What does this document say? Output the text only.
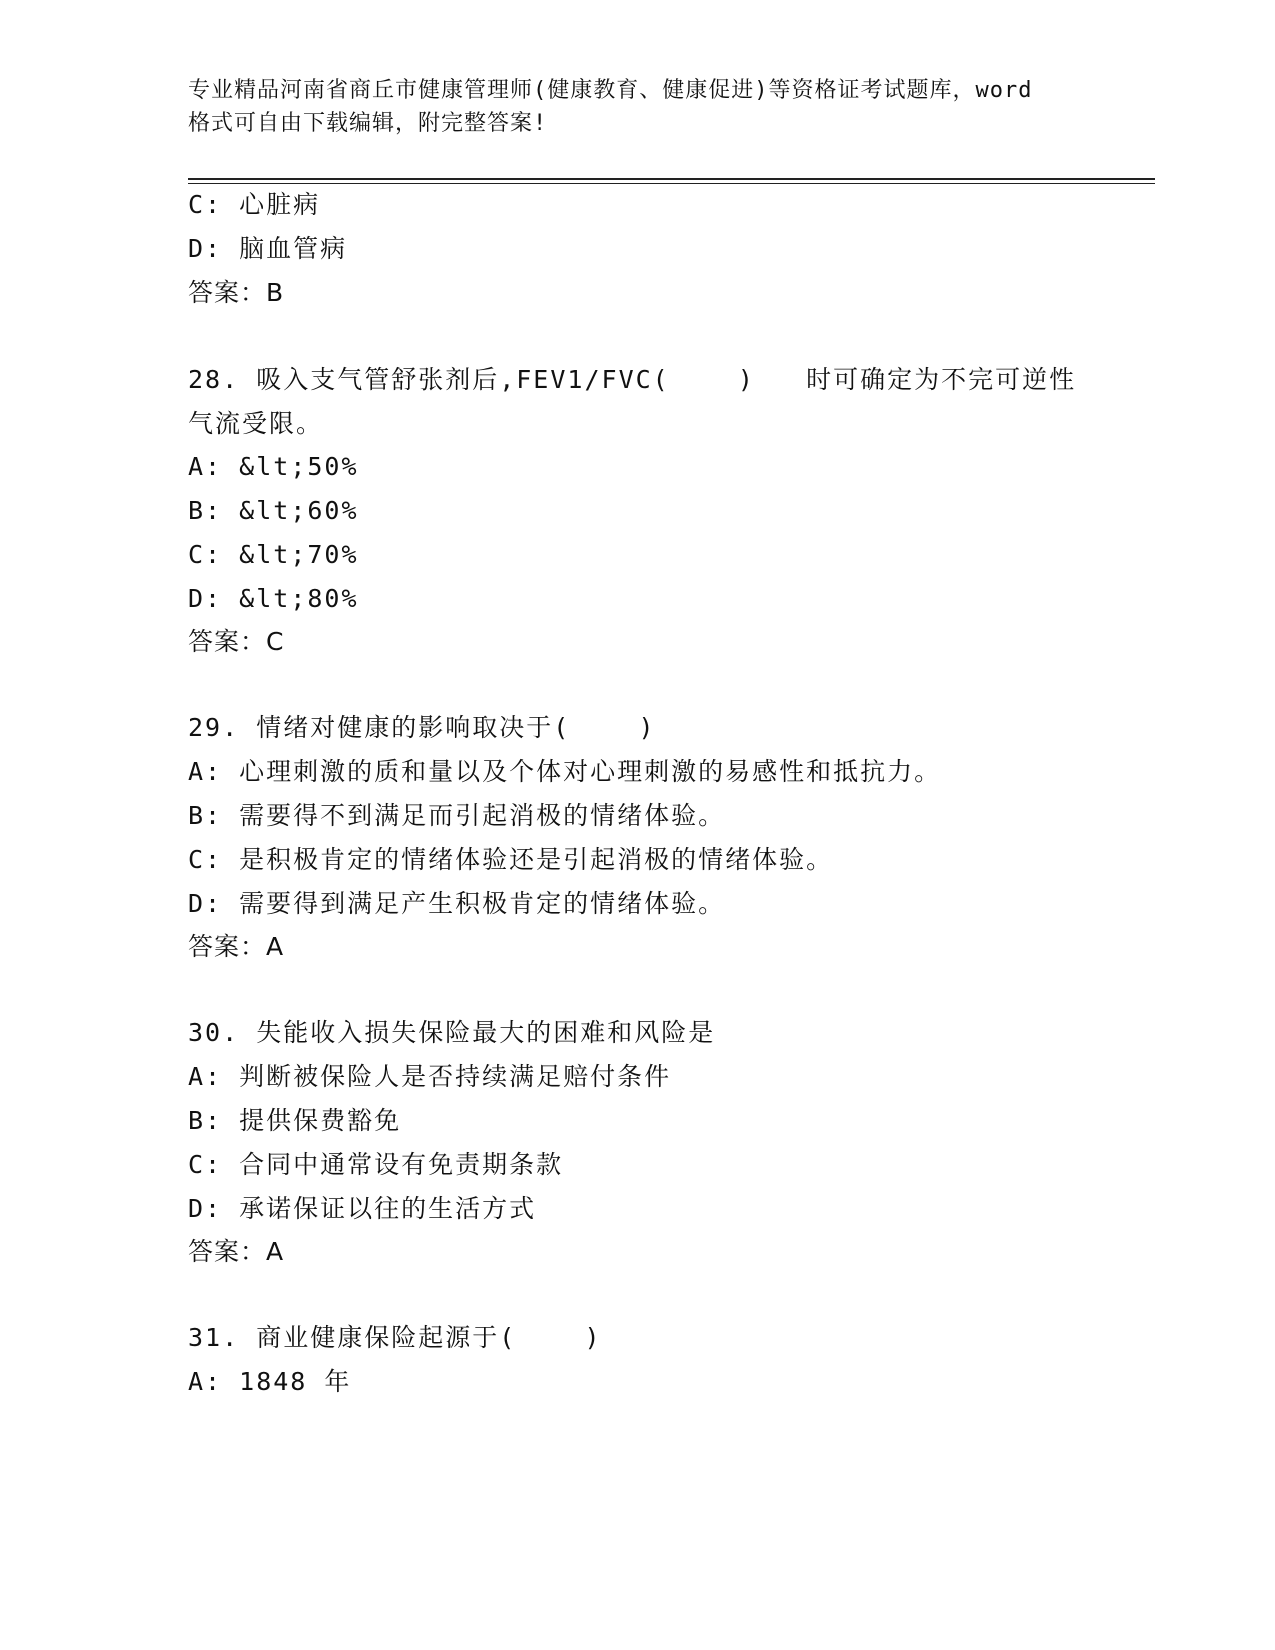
专业精品河南省商丘市健康管理师(健康教育、健康促进)等资格证考试题库，word
格式可自由下载编辑，附完整答案!
C: 心脏病
D: 脑血管病
答案：B
28. 吸入支气管舒张剂后,FEV1/FVC(    )   时可确定为不完可逆性
气流受限。
A: &lt;50%
B: &lt;60%
C: &lt;70%
D: &lt;80%
答案：C
29. 情绪对健康的影响取决于(    )
A: 心理刺激的质和量以及个体对心理刺激的易感性和抵抗力。
B: 需要得不到满足而引起消极的情绪体验。
C: 是积极肯定的情绪体验还是引起消极的情绪体验。
D: 需要得到满足产生积极肯定的情绪体验。
答案：A
30. 失能收入损失保险最大的困难和风险是
A: 判断被保险人是否持续满足赔付条件
B: 提供保费豁免
C: 合同中通常设有免责期条款
D: 承诺保证以往的生活方式
答案：A
31. 商业健康保险起源于(    )
A: 1848 年
